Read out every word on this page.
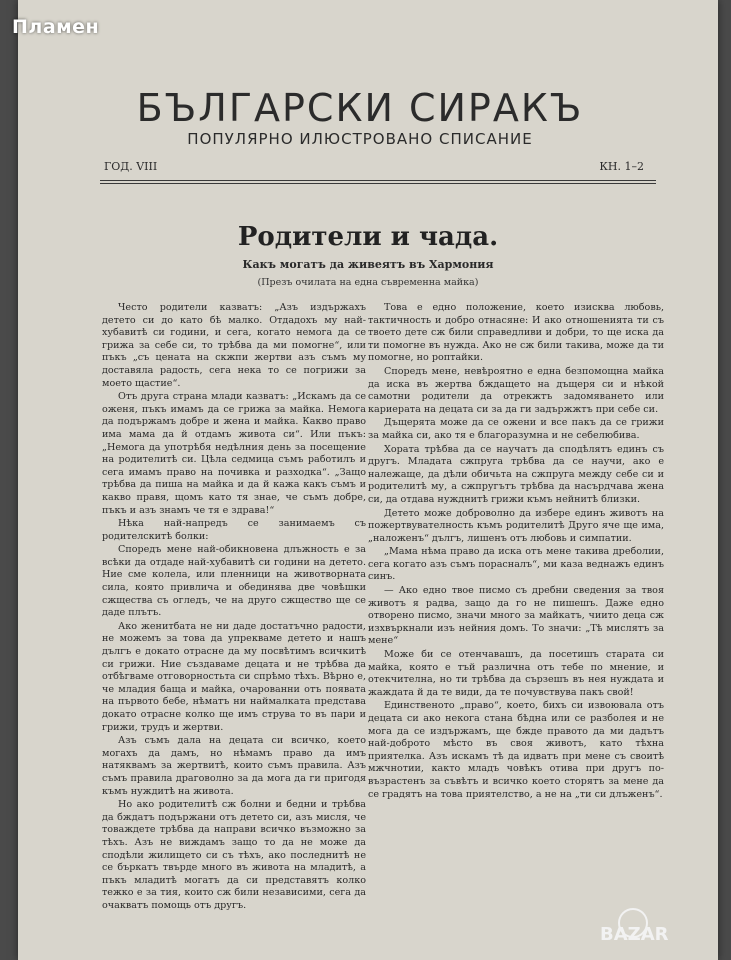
Пламен
БЪЛГАРСКИ СИРАКЪ
ПОПУЛЯРНО ИЛЮСТРОВАНО СПИСАНИЕ
ГОД. VIII	КН. 1–2
Родители и чада.
Какъ могатъ да живеятъ въ Хармония
(Презъ очилата на една съвременна майка)

Често родители казватъ: „Азъ издържахъ детето си до като бѣ малко. Отдадохъ му най-хубавитѣ си години, и сега, когато немога да се грижа за себе си, то трѣбва да ми помогне“, или пъкъ „съ цената на скжпи жертви азъ съмъ му доставяла радость, сега нека то се погрижи за моето щастие“.

Отъ друга страна млади казватъ: „Искамъ да се оженя, пъкъ имамъ да се грижа за майка. Немога да подържамъ добре и жена и майка. Какво право има мама да й отдамъ живота си“. Или пъкъ: „Немога да употрѣбя недѣлния день за посещение на родителитѣ си. Цѣла седмица съмъ работилъ и сега имамъ право на почивка и разходка“. „Защо трѣбва да пиша на майка и да й кажа какъ съмъ и какво правя, щомъ като тя знае, че съмъ добре, пъкъ и азъ знамъ че тя е здрава!“

Нѣка най-напредъ се занимаемъ съ родителскитѣ болки:

Споредъ мене най-обикновена длъжность е за всѣки да отдаде най-хубавитѣ си години на детето. Ние сме колела, или пленници на животворната сила, която привлича и обединява две човѣшки сжщества съ огледъ, че на друго сжщество ще се даде плътъ.

Ако женитбата не ни даде достатъчно радости, не можемъ за това да упрекваме детето и нашъ дългъ е докато отрасне да му посвѣтимъ всичкитѣ си грижи. Ние създаваме децата и не трѣбва да отбѣгваме отговорностьта си спрѣмо тѣхъ. Вѣрно е, че младия баща и майка, очарованни отъ появата на първото бебе, нѣматъ ни наймалката представа докато отрасне колко ще имъ струва то въ пари и грижи, трудъ и жертви.

Азъ съмъ дала на децата си всичко, което могахъ да дамъ, но нѣмамъ право да имъ натяквамъ за жертвитѣ, които съмъ правила. Азъ съмъ правила драговолно за да мога да ги пригодя къмъ нуждитѣ на живота.

Но ако родителитѣ сж болни и бедни и трѣбва да бждатъ подържани отъ детето си, азъ мисля, че товаждете трѣбва да направи всичко възможно за тѣхъ. Азъ не виждамъ защо то да не може да сподѣли жилището си съ тѣхъ, ако последнитѣ не се бъркатъ твърде много въ живота на младитѣ, а пъкъ младитѣ могатъ да си представятъ колко тежко е за тия, които сж били независими, сега да очакватъ помощь отъ другъ.

Това е едно положение, което изисква любовь, тактичность и добро отнасяне: И ако отношенията ти съ твоето дете сж били справедливи и добри, то ще иска да ти помогне въ нужда. Ако не сж били такива, може да ти помогне, но роптайки.

Споредъ мене, невѣроятно е една безпомощна майка да иска въ жертва бждащето на дъщеря си и нѣкой самотни родители да отрекжтъ задомяването или кариерата на децата си за да ги задържжтъ при себе си.

Дъщерята може да се ожени и все пакъ да се грижи за майка си, ако тя е благоразумна и не себелюбива.

Хората трѣбва да се научатъ да сподѣлятъ единъ съ другъ. Младата сжпруга трѣбва да се научи, ако е належаще, да дѣли обичьта на сжпруга между себе си и родителитѣ му, а сжпругътъ трѣбва да насърдчава жена си, да отдава нужднитѣ грижи къмъ нейнитѣ близки.

Детето може доброволно да избере единъ животъ на пожертвувателность къмъ родителитѣ Друго яче ще има, „наложенъ“ дългъ, лишенъ отъ любовь и симпатии.

„Мама нѣма право да иска отъ мене такива дреболии, сега когато азъ съмъ порасналъ“, ми каза веднажъ единъ синъ.

— Ако едно твое писмо съ дребни сведения за твоя животъ я радва, защо да го не пишешъ. Даже едно отворено писмо, значи много за майкатъ, чиито деца сж изхвъркнали изъ нейния домъ. То значи: „Тѣ мислятъ за мене“

Може би се отенчавашъ, да посетишъ старата си майка, която е тъй различна отъ тебе по мнение, и отекчителна, но ти трѣбва да сързешъ въ нея нуждата и жаждата й да те види, да те почувствува пакъ свой!

Единственото „право“, което, бихъ си извоювала отъ децата си ако некога стана бѣдна или се разболея и не мога да се издържамъ, ще бжде правото да ми дадътъ най-доброто мѣсто въ своя животъ, като тѣхна приятелка. Азъ искамъ тѣ да идватъ при мене съ своитѣ мжчнотии, както младъ човѣкъ отива при другъ по-възрастенъ за съвѣтъ и всичко което сторятъ за мене да се градятъ на това приятелство, а не на „ти си длъженъ“.

BAZAR
